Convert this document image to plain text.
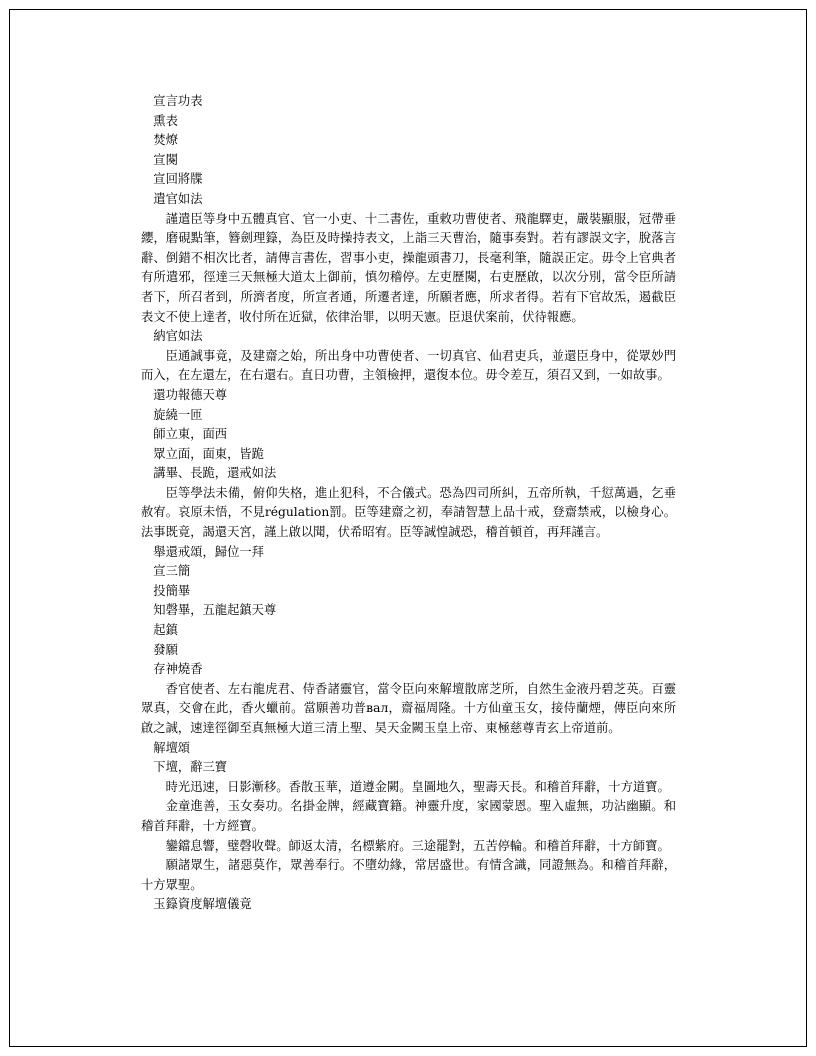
宣言功表

熏表

焚燎

宣闋

宣回將牒

遣官如法

謹遣臣等身中五體真官、官一小吏、十二書佐，重敕功曹使者、飛龍驛吏，嚴裝顯服，冠帶垂纓，磨硯點筆，簪劍理籙，為臣及時操持表文，上詣三天曹治，隨事奏對。若有謬誤文字，脫落言辭、倒錯不相次比者，請傳言書佐，習事小吏，操龍頭書刀，長毫利筆，隨誤正定。毋令上官典者有所遣邪，徑達三天無極大道太上御前，慎勿稽停。左吏歷闋，右吏歷啟，以次分別，當令臣所請者下，所召者到，所濟者度，所宣者通，所遷者達，所願者應，所求者得。若有下官故炁，遏截臣表文不使上達者，收付所在近獄，依律治罪，以明天憲。臣退伏案前，伏待報應。

納官如法

臣通誠事竟，及建齋之始，所出身中功曹使者、一切真官、仙君吏兵，並還臣身中，從眾妙門而入，在左還左，在右還右。直日功曹，主領檢押，還復本位。毋令差互，須召又到，一如故事。

還功報德天尊

旋繞一匝

師立東，面西

眾立面，面東，皆跪

講畢、長跪，還戒如法

臣等學法未備，俯仰失格，進止犯科，不合儀式。恐為四司所糾，五帝所執，千愆萬過，乞垂赦宥。哀原未悟，不見régulation罰。臣等建齋之初，奉請智慧上品十戒，登齋禁戒，以檢身心。法事既竟，謁還天宮，謹上啟以聞，伏希昭宥。臣等誠惶誠恐，稽首頓首，再拜謹言。

舉還戒頌，歸位一拜

宣三簡

投簡畢

知磬畢，五龍起鎮天尊

起鎮

發願

存神燒香

香官使者、左右龍虎君、侍香諸靈官，當令臣向來解壇散席芝所，自然生金液丹碧芝英。百靈眾真，交會在此，香火蠟前。當願善功普вал，齋福周隆。十方仙童玉女，接侍蘭煙，傳臣向來所啟之誠，速達徑御至真無極大道三清上聖、昊天金闕玉皇上帝、東極慈尊青玄上帝道前。

解壇頌

下壇，辭三寶

時光迅速，日影漸移。香散玉華，道遵金闕。皇圖地久，聖壽天長。和稽首拜辭，十方道寶。

金童進善，玉女奏功。名掛金牌，經藏寶籍。神靈升度，家國蒙恩。聖入虛無，功沾幽顯。和稽首拜辭，十方經寶。

鑾鐺息響，璧磬收聲。師返太清，名標紫府。三途罷對，五苦停輪。和稽首拜辭，十方師寶。

願諸眾生，諸惡莫作，眾善奉行。不墮幼緣，常居盛世。有情含識，同證無為。和稽首拜辭，十方眾聖。

玉籙資度解壇儀竟
